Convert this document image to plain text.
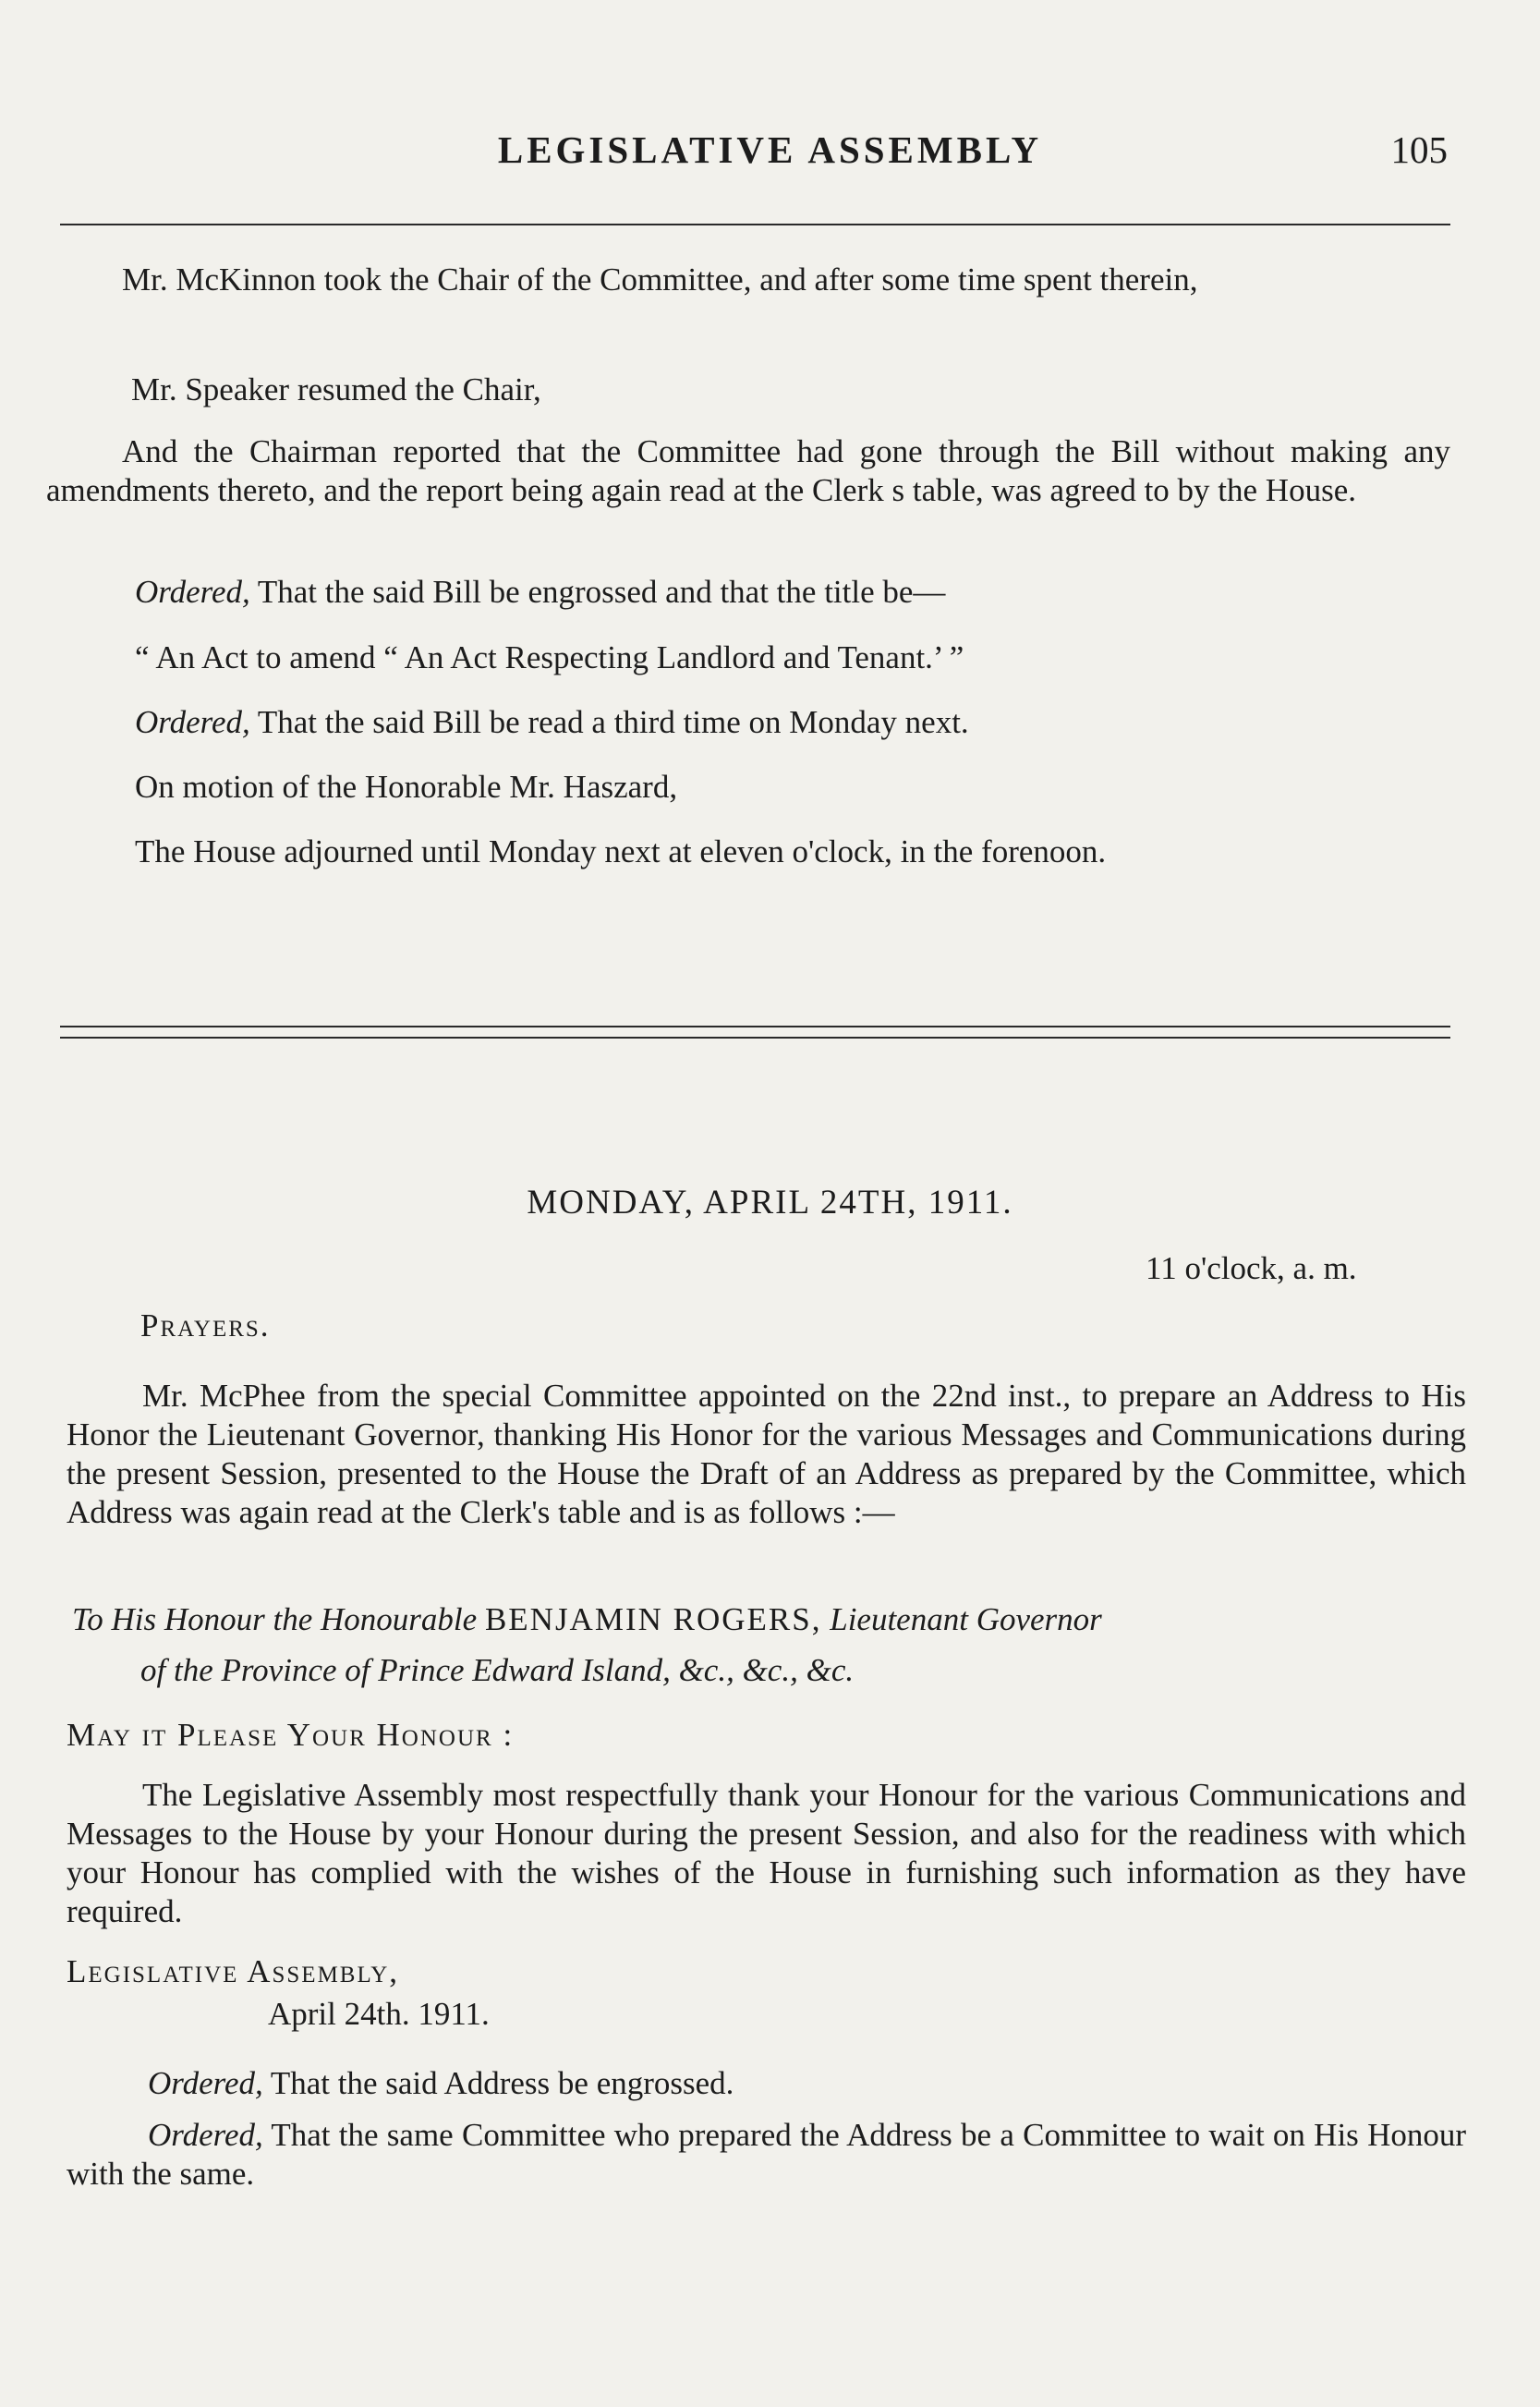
LEGISLATIVE ASSEMBLY	105

Mr. McKinnon took the Chair of the Committee, and after some time spent therein,

Mr. Speaker resumed the Chair,

And the Chairman reported that the Committee had gone through the Bill without making any amendments thereto, and the report being again read at the Clerk s table, was agreed to by the House.

Ordered, That the said Bill be engrossed and that the title be—
“ An Act to amend “ An Act Respecting Landlord and Tenant.’ ”
Ordered, That the said Bill be read a third time on Monday next.
On motion of the Honorable Mr. Haszard,
The House adjourned until Monday next at eleven o'clock, in the forenoon.
MONDAY, APRIL 24TH, 1911.
11 o'clock, a. m.
Prayers.

Mr. McPhee from the special Committee appointed on the 22nd inst., to prepare an Address to His Honor the Lieutenant Governor, thanking His Honor for the various Messages and Communications during the present Session, presented to the House the Draft of an Address as prepared by the Committee, which Address was again read at the Clerk's table and is as follows :—

To His Honour the Honourable BENJAMIN ROGERS, Lieutenant Governor
of the Province of Prince Edward Island, &c., &c., &c.
May it Please Your Honour :

The Legislative Assembly most respectfully thank your Honour for the various Communications and Messages to the House by your Honour during the present Session, and also for the readiness with which your Honour has complied with the wishes of the House in furnishing such information as they have required.

Legislative Assembly,
April 24th. 1911.
Ordered, That the said Address be engrossed.

Ordered, That the same Committee who prepared the Address be a Committee to wait on His Honour with the same.
